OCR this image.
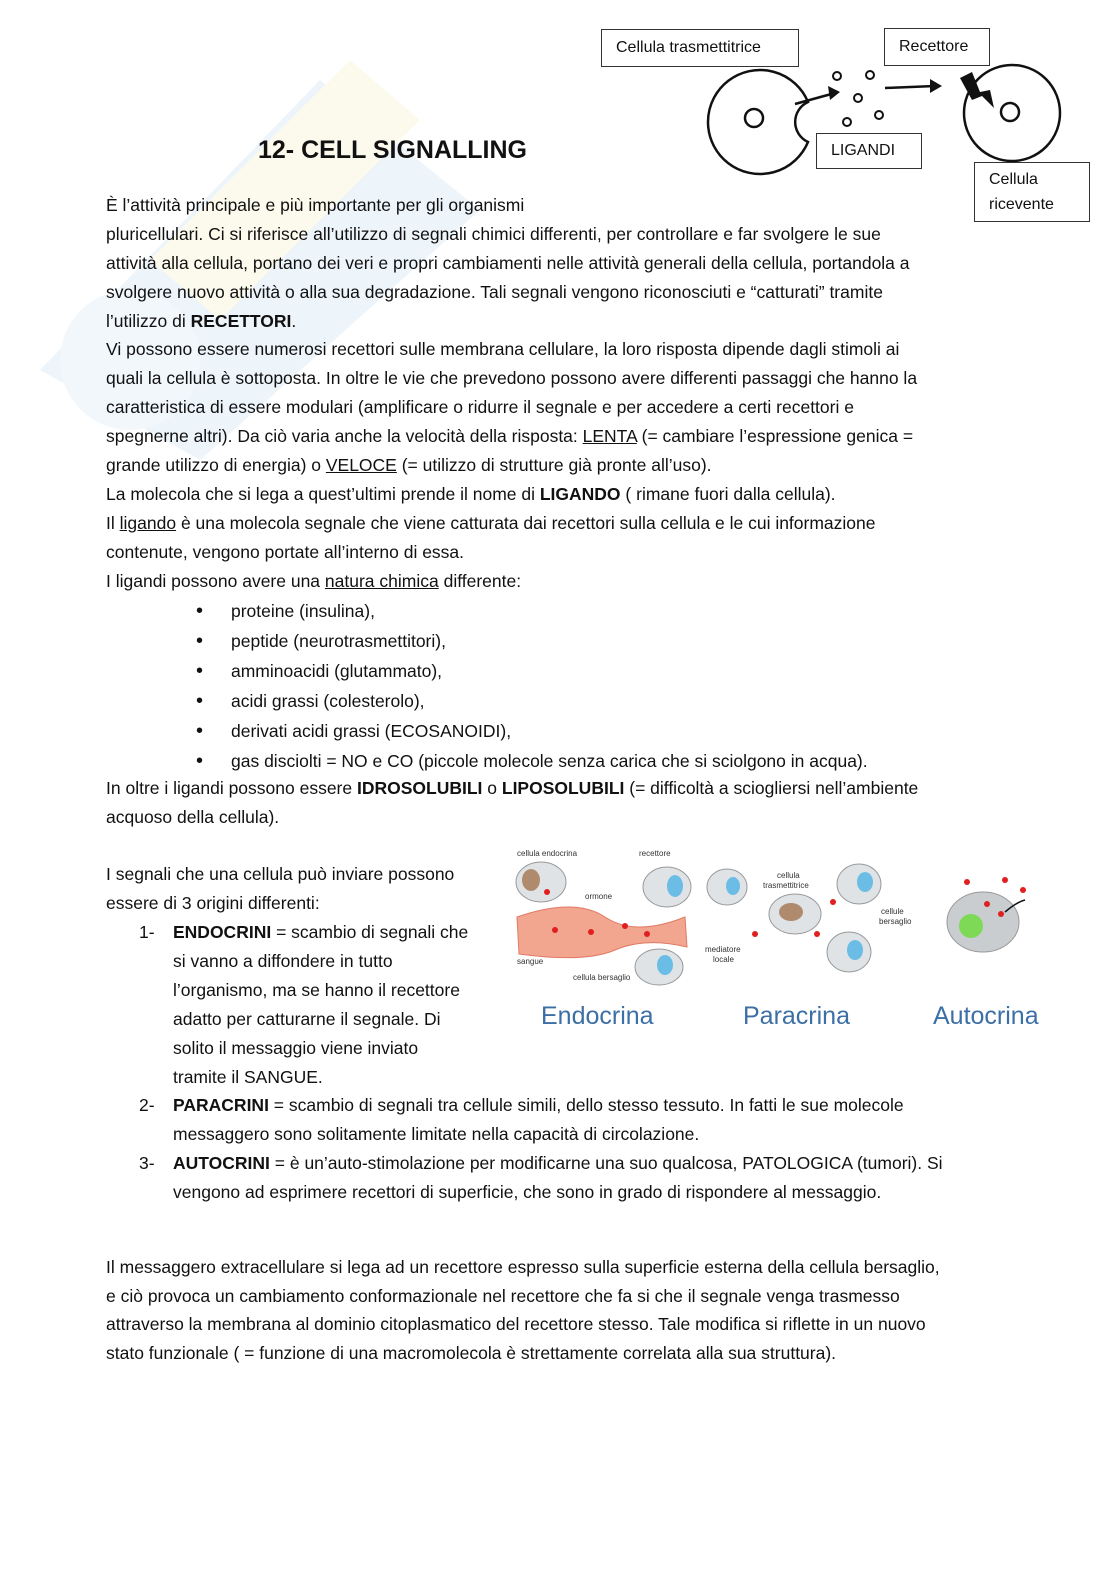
Cellula trasmettitrice	Recettore
LIGANDI
Cellula
ricevente
12- CELL SIGNALLING
È l’attività principale e più importante per gli organismi
pluricellulari. Ci si riferisce all’utilizzo di segnali chimici differenti, per controllare e far svolgere le sue
attività alla cellula, portano dei veri e propri cambiamenti nelle attività generali della cellula, portandola a
svolgere nuovo attività o alla sua degradazione. Tali segnali vengono riconosciuti e “catturati” tramite
l’utilizzo di RECETTORI.
Vi possono essere numerosi recettori sulle membrana cellulare, la loro risposta dipende dagli stimoli ai
quali la cellula è sottoposta. In oltre le vie che prevedono possono avere differenti passaggi che hanno la
caratteristica di essere modulari (amplificare o ridurre il segnale e per accedere a certi recettori e
spegnerne altri). Da ciò varia anche la velocità della risposta: LENTA (= cambiare l’espressione genica =
grande utilizzo di energia) o VELOCE (= utilizzo di strutture già pronte all’uso).
La molecola che si lega a quest’ultimi prende il nome di LIGANDO ( rimane fuori dalla cellula).
Il ligando è una molecola segnale che viene catturata dai recettori sulla cellula e le cui informazione
contenute, vengono portate all’interno di essa.
I ligandi possono avere una natura chimica differente:
• proteine (insulina),
• peptide (neurotrasmettitori),
• amminoacidi (glutammato),
• acidi grassi (colesterolo),
• derivati acidi grassi (ECOSANOIDI),
• gas disciolti = NO e CO (piccole molecole senza carica che si sciolgono in acqua).
In oltre i ligandi possono essere IDROSOLUBILI o LIPOSOLUBILI (= difficoltà a sciogliersi nell’ambiente
acquoso della cellula).
I segnali che una cellula può inviare possono
essere di 3 origini differenti:
1- ENDOCRINI = scambio di segnali che
si vanno a diffondere in tutto
l’organismo, ma se hanno il recettore
adatto per catturarne il segnale. Di
solito il messaggio viene inviato
tramite il SANGUE.
2- PARACRINI = scambio di segnali tra cellule simili, dello stesso tessuto. In fatti le sue molecole
messaggero sono solitamente limitate nella capacità di circolazione.
3- AUTOCRINI = è un’auto-stimolazione per modificarne una suo qualcosa, PATOLOGICA (tumori). Si
vengono ad esprimere recettori di superficie, che sono in grado di rispondere al messaggio.
cellula endocrina	recettore
ormone
sangue
cellula bersaglio
cellula
trasmettitrice
cellule
bersaglio
mediatore
locale
Endocrina	Paracrina	Autocrina
Il messaggero extracellulare si lega ad un recettore espresso sulla superficie esterna della cellula bersaglio,
e ciò provoca un cambiamento conformazionale nel recettore che fa si che il segnale venga trasmesso
attraverso la membrana al dominio citoplasmatico del recettore stesso. Tale modifica si riflette in un nuovo
stato funzionale ( = funzione di una macromolecola è strettamente correlata alla sua struttura).
